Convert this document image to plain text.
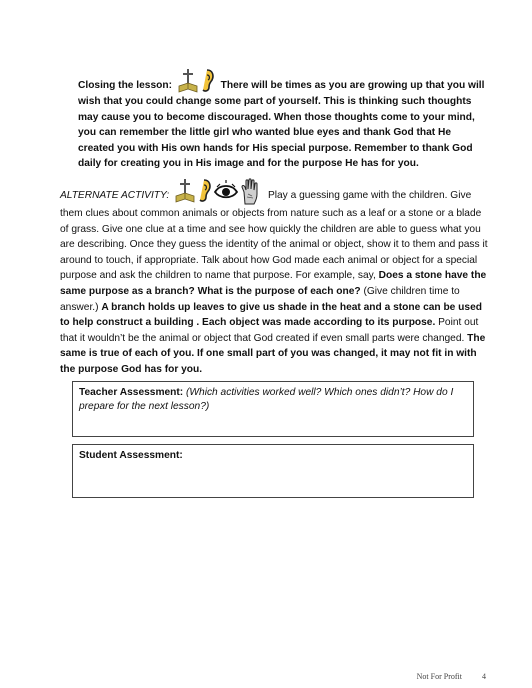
Closing the lesson:	There will be times as you are growing up that you will wish that you could change some part of yourself. This is thinking such thoughts may cause you to become discouraged. When those thoughts come to your mind, you can remember the little girl who wanted blue eyes and thank God that He created you with His own hands for His special purpose. Remember to thank God daily for creating you in His image and for the purpose He has for you.
ALTERNATE ACTIVITY:	Play a guessing game with the children. Give them clues about common animals or objects from nature such as a leaf or a stone or a blade of grass. Give one clue at a time and see how quickly the children are able to guess what you are describing. Once they guess the identity of the animal or object, show it to them and pass it around to touch, if appropriate. Talk about how God made each animal or object for a special purpose and ask the children to name that purpose. For example, say, Does a stone have the same purpose as a branch? What is the purpose of each one? (Give children time to answer.) A branch holds up leaves to give us shade in the heat and a stone can be used to help construct a building . Each object was made according to its purpose. Point out that it wouldn’t be the animal or object that God created if even small parts were changed. The same is true of each of you. If one small part of you was changed, it may not fit in with the purpose God has for you.
Teacher Assessment: (Which activities worked well? Which ones didn’t? How do I prepare for the next lesson?)
Student Assessment:
Not For Profit	4
